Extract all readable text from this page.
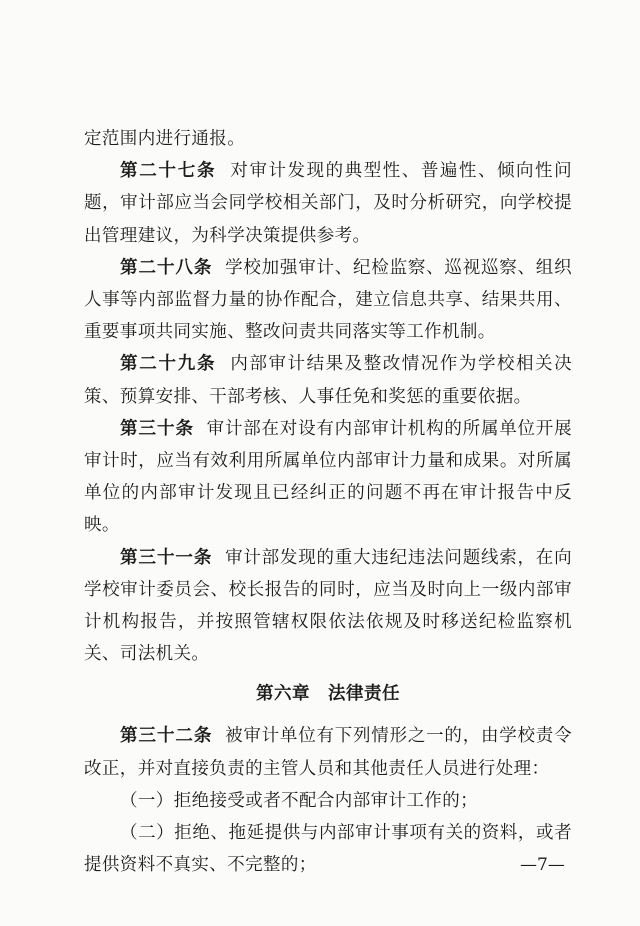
定范围内进行通报。

第二十七条 对审计发现的典型性、普遍性、倾向性问题，审计部应当会同学校相关部门，及时分析研究，向学校提出管理建议，为科学决策提供参考。

第二十八条 学校加强审计、纪检监察、巡视巡察、组织人事等内部监督力量的协作配合，建立信息共享、结果共用、重要事项共同实施、整改问责共同落实等工作机制。

第二十九条 内部审计结果及整改情况作为学校相关决策、预算安排、干部考核、人事任免和奖惩的重要依据。

第三十条 审计部在对设有内部审计机构的所属单位开展审计时，应当有效利用所属单位内部审计力量和成果。对所属单位的内部审计发现且已经纠正的问题不再在审计报告中反映。

第三十一条 审计部发现的重大违纪违法问题线索，在向学校审计委员会、校长报告的同时，应当及时向上一级内部审计机构报告，并按照管辖权限依法依规及时移送纪检监察机关、司法机关。

第六章 法律责任

第三十二条 被审计单位有下列情形之一的，由学校责令改正，并对直接负责的主管人员和其他责任人员进行处理：

（一）拒绝接受或者不配合内部审计工作的；

（二）拒绝、拖延提供与内部审计事项有关的资料，或者提供资料不真实、不完整的；	—7—
